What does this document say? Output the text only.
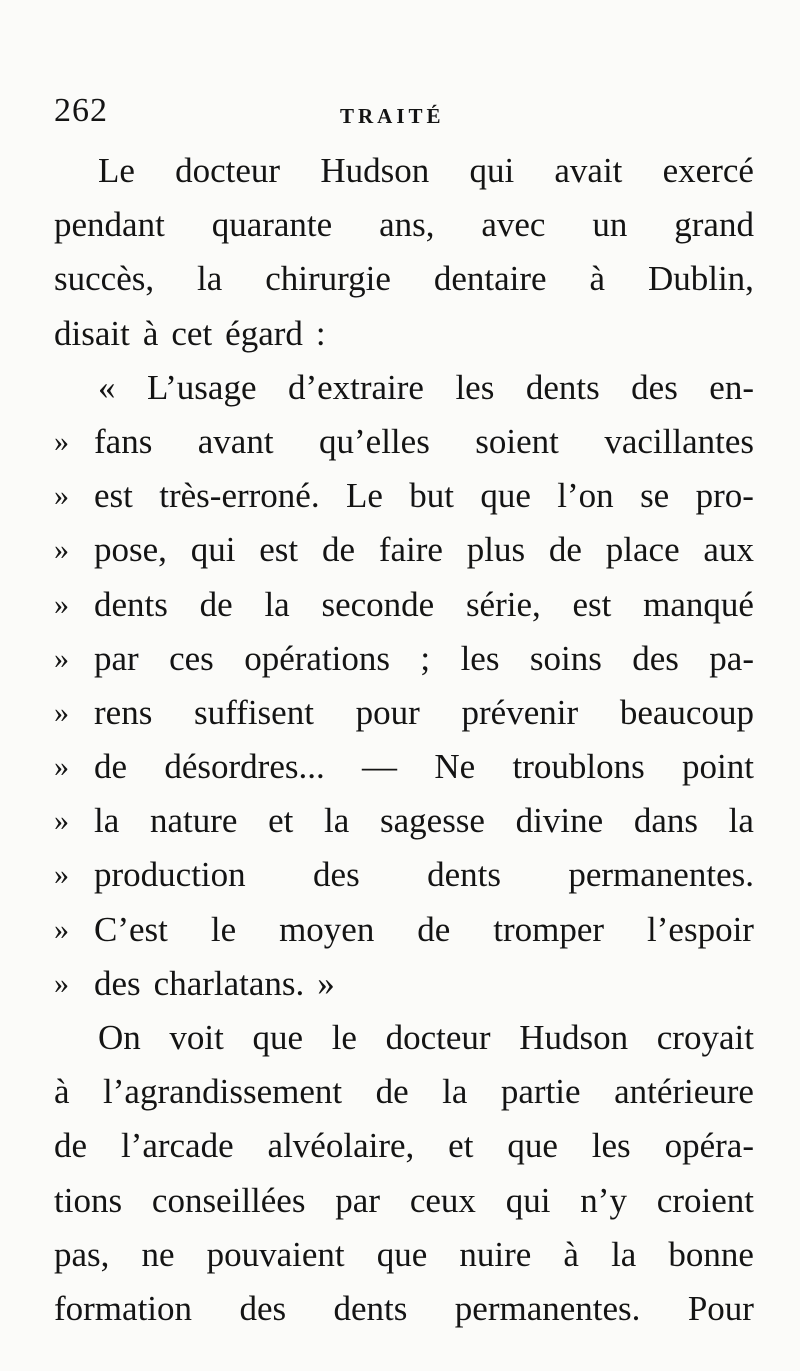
262	TRAITÉ
Le docteur Hudson qui avait exercé
pendant quarante ans, avec un grand
succès, la chirurgie dentaire à Dublin,
disait à cet égard :
« L’usage d’extraire les dents des en-
» fans avant qu’elles soient vacillantes
» est très-erroné. Le but que l’on se pro-
» pose, qui est de faire plus de place aux
» dents de la seconde série, est manqué
» par ces opérations ; les soins des pa-
» rens suffisent pour prévenir beaucoup
» de désordres... — Ne troublons point
» la nature et la sagesse divine dans la
» production des dents permanentes.
» C’est le moyen de tromper l’espoir
» des charlatans. »
On voit que le docteur Hudson croyait
à l’agrandissement de la partie antérieure
de l’arcade alvéolaire, et que les opéra-
tions conseillées par ceux qui n’y croient
pas, ne pouvaient que nuire à la bonne
formation des dents permanentes. Pour
